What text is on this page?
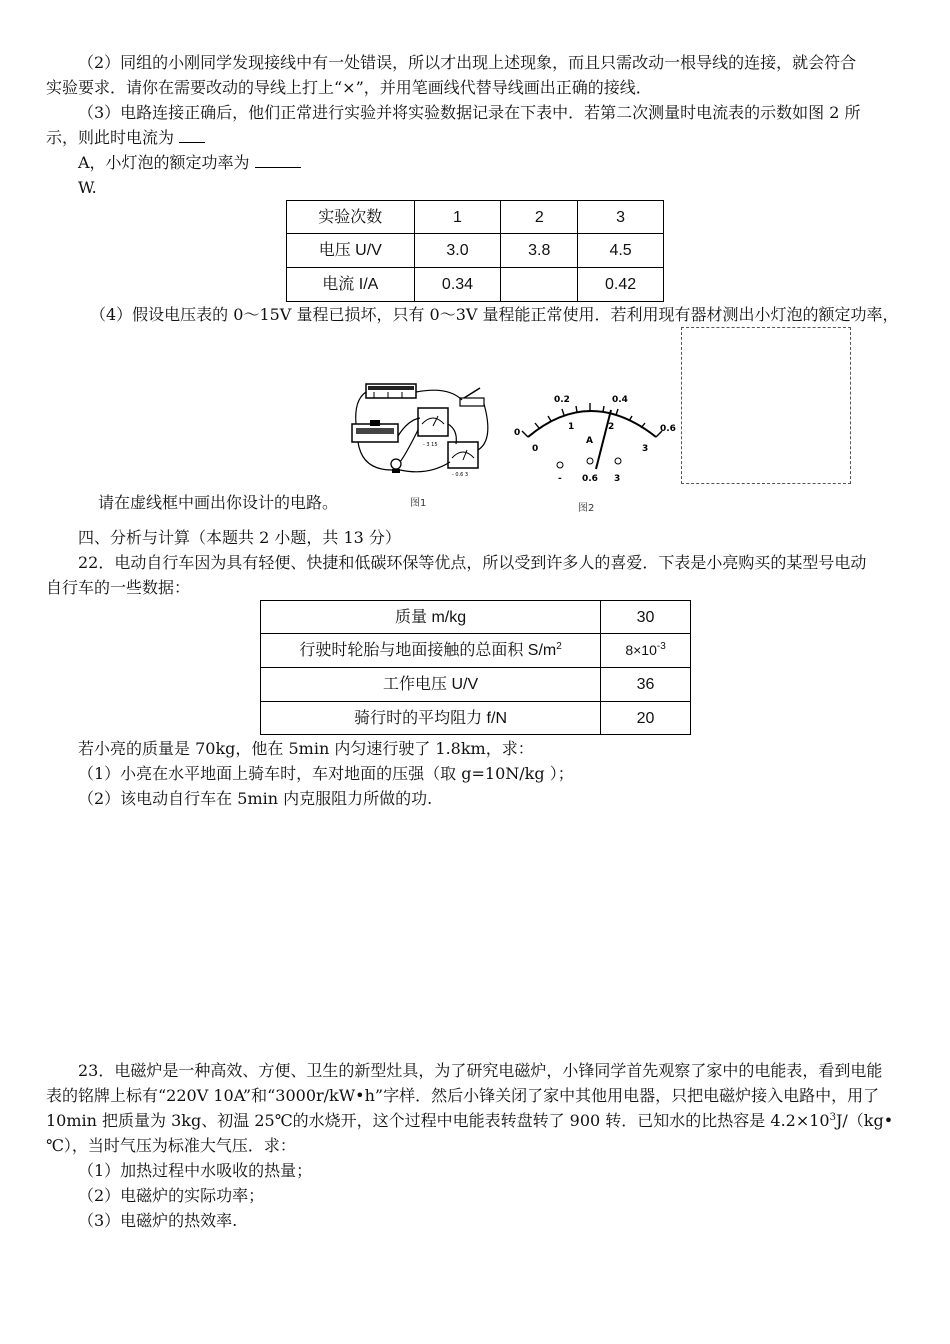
（2）同组的小刚同学发现接线中有一处错误，所以才出现上述现象，而且只需改动一根导线的连接，就会符合
实验要求．请你在需要改动的导线上打上“×”，并用笔画线代替导线画出正确的接线．
（3）电路连接正确后，他们正常进行实验并将实验数据记录在下表中．若第二次测量时电流表的示数如图 2 所
示，则此时电流为
A，小灯泡的额定功率为
W.
实验次数	1	2	3
电压 U/V	3.0	3.8	4.5
电流 I/A	0.34		0.42
（4）假设电压表的 0～15V 量程已损坏，只有 0～3V 量程能正常使用．若利用现有器材测出小灯泡的额定功率，
- 3 15
- 0.6 3
图1
0
0.2	0.4
0.6
0
1	2
3
A
- 0.6 3
图2
请在虚线框中画出你设计的电路。
四、分析与计算（本题共 2 小题，共 13 分）
22．电动自行车因为具有轻便、快捷和低碳环保等优点，所以受到许多人的喜爱．下表是小亮购买的某型号电动
自行车的一些数据：
质量 m/kg	30
行驶时轮胎与地面接触的总面积 $S/m^2$	$8\times 10^{-3}$
工作电压 U/V	36
骑行时的平均阻力 f/N	20
若小亮的质量是 70kg，他在 5min 内匀速行驶了 1.8km，求：
（1）小亮在水平地面上骑车时，车对地面的压强（取 g=10N/kg ）；
（2）该电动自行车在 5min 内克服阻力所做的功.
23．电磁炉是一种高效、方便、卫生的新型灶具，为了研究电磁炉，小锋同学首先观察了家中的电能表，看到电能
表的铭牌上标有“220V 10A”和“3000r/kW•h”字样．然后小锋关闭了家中其他用电器，只把电磁炉接入电路中，用了
10min 把质量为 3kg、初温 25℃的水烧开，这个过程中电能表转盘转了 900 转．已知水的比热容是 $4.2\times 10^3J/(kg•$
℃），当时气压为标准大气压．求：
（1）加热过程中水吸收的热量；
（2）电磁炉的实际功率；
（3）电磁炉的热效率.
